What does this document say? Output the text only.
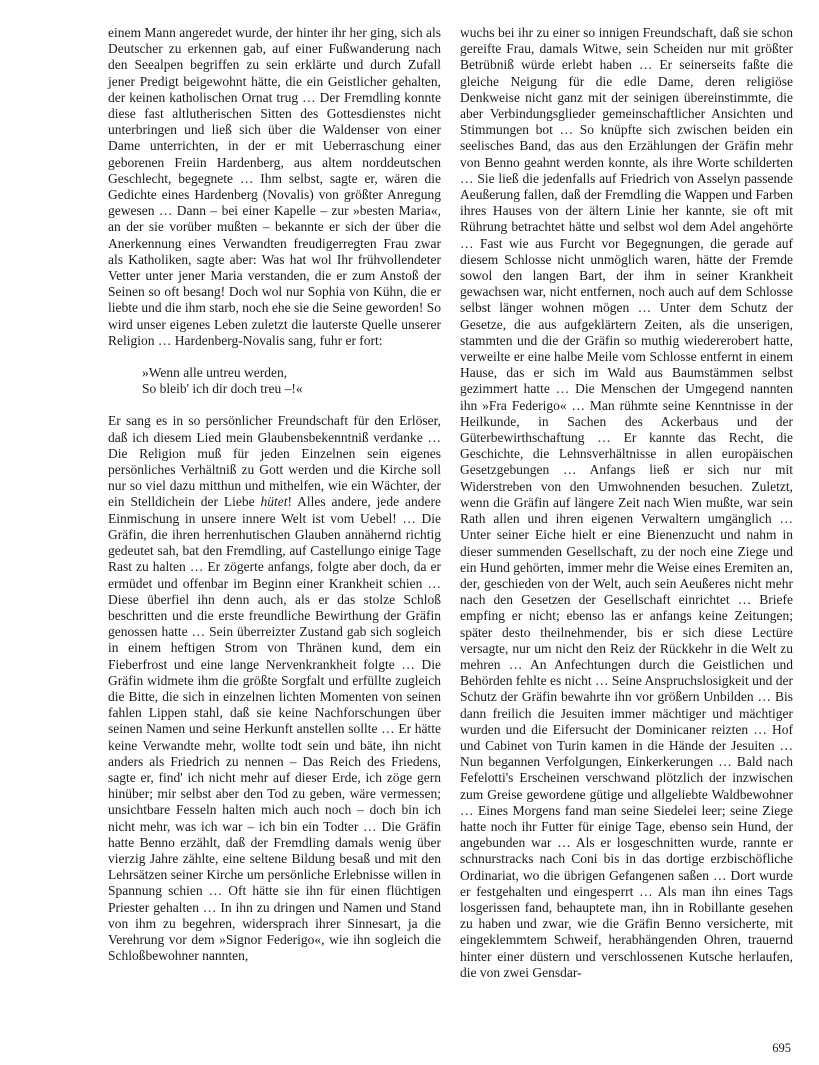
einem Mann angeredet wurde, der hinter ihr her ging, sich als Deutscher zu erkennen gab, auf einer Fußwanderung nach den Seealpen begriffen zu sein erklärte und durch Zufall jener Predigt beigewohnt hätte, die ein Geistlicher gehalten, der keinen katholischen Ornat trug … Der Fremdling konnte diese fast altlutherischen Sitten des Gottesdienstes nicht unterbringen und ließ sich über die Waldenser von einer Dame unterrichten, in der er mit Ueberraschung einer geborenen Freiin Hardenberg, aus altem norddeutschen Geschlecht, begegnete … Ihm selbst, sagte er, wären die Gedichte eines Hardenberg (Novalis) von größter Anregung gewesen … Dann – bei einer Kapelle – zur »besten Maria«, an der sie vorüber mußten – bekannte er sich der über die Anerkennung eines Verwandten freudigerregten Frau zwar als Katholiken, sagte aber: Was hat wol Ihr frühvollendeter Vetter unter jener Maria verstanden, die er zum Anstoß der Seinen so oft besang! Doch wol nur Sophia von Kühn, die er liebte und die ihm starb, noch ehe sie die Seine geworden! So wird unser eigenes Leben zuletzt die lauterste Quelle unserer Religion … Hardenberg-Novalis sang, fuhr er fort:

»Wenn alle untreu werden,
So bleib' ich dir doch treu –!«

Er sang es in so persönlicher Freundschaft für den Erlöser, daß ich diesem Lied mein Glaubensbekenntniß verdanke … Die Religion muß für jeden Einzelnen sein eigenes persönliches Verhältniß zu Gott werden und die Kirche soll nur so viel dazu mitthun und mithelfen, wie ein Wächter, der ein Stelldichein der Liebe hütet! Alles andere, jede andere Einmischung in unsere innere Welt ist vom Uebel! … Die Gräfin, die ihren herrenhutischen Glauben annähernd richtig gedeutet sah, bat den Fremdling, auf Castellungo einige Tage Rast zu halten … Er zögerte anfangs, folgte aber doch, da er ermüdet und offenbar im Beginn einer Krankheit schien … Diese überfiel ihn denn auch, als er das stolze Schloß beschritten und die erste freundliche Bewirthung der Gräfin genossen hatte … Sein überreizter Zustand gab sich sogleich in einem heftigen Strom von Thränen kund, dem ein Fieberfrost und eine lange Nervenkrankheit folgte … Die Gräfin widmete ihm die größte Sorgfalt und erfüllte zugleich die Bitte, die sich in einzelnen lichten Momenten von seinen fahlen Lippen stahl, daß sie keine Nachforschungen über seinen Namen und seine Herkunft anstellen sollte … Er hätte keine Verwandte mehr, wollte todt sein und bäte, ihn nicht anders als Friedrich zu nennen – Das Reich des Friedens, sagte er, find' ich nicht mehr auf dieser Erde, ich zöge gern hinüber; mir selbst aber den Tod zu geben, wäre vermessen; unsichtbare Fesseln halten mich auch noch – doch bin ich nicht mehr, was ich war – ich bin ein Todter … Die Gräfin hatte Benno erzählt, daß der Fremdling damals wenig über vierzig Jahre zählte, eine seltene Bildung besaß und mit den Lehrsätzen seiner Kirche um persönliche Erlebnisse willen in Spannung schien … Oft hätte sie ihn für einen flüchtigen Priester gehalten … In ihn zu dringen und Namen und Stand von ihm zu begehren, widersprach ihrer Sinnesart, ja die Verehrung vor dem »Signor Federigo«, wie ihn sogleich die Schloßbewohner nannten,

wuchs bei ihr zu einer so innigen Freundschaft, daß sie schon gereifte Frau, damals Witwe, sein Scheiden nur mit größter Betrübniß würde erlebt haben … Er seinerseits faßte die gleiche Neigung für die edle Dame, deren religiöse Denkweise nicht ganz mit der seinigen übereinstimmte, die aber Verbindungsglieder gemeinschaftlicher Ansichten und Stimmungen bot … So knüpfte sich zwischen beiden ein seelisches Band, das aus den Erzählungen der Gräfin mehr von Benno geahnt werden konnte, als ihre Worte schilderten … Sie ließ die jedenfalls auf Friedrich von Asselyn passende Aeußerung fallen, daß der Fremdling die Wappen und Farben ihres Hauses von der ältern Linie her kannte, sie oft mit Rührung betrachtet hätte und selbst wol dem Adel angehörte … Fast wie aus Furcht vor Begegnungen, die gerade auf diesem Schlosse nicht unmöglich waren, hätte der Fremde sowol den langen Bart, der ihm in seiner Krankheit gewachsen war, nicht entfernen, noch auch auf dem Schlosse selbst länger wohnen mögen … Unter dem Schutz der Gesetze, die aus aufgeklärtern Zeiten, als die unserigen, stammten und die der Gräfin so muthig wiedererobert hatte, verweilte er eine halbe Meile vom Schlosse entfernt in einem Hause, das er sich im Wald aus Baumstämmen selbst gezimmert hatte … Die Menschen der Umgegend nannten ihn »Fra Federigo« … Man rühmte seine Kenntnisse in der Heilkunde, in Sachen des Ackerbaus und der Güterbewirthschaftung … Er kannte das Recht, die Geschichte, die Lehnsverhältnisse in allen europäischen Gesetzgebungen … Anfangs ließ er sich nur mit Widerstreben von den Umwohnenden besuchen. Zuletzt, wenn die Gräfin auf längere Zeit nach Wien mußte, war sein Rath allen und ihren eigenen Verwaltern umgänglich … Unter seiner Eiche hielt er eine Bienenzucht und nahm in dieser summenden Gesellschaft, zu der noch eine Ziege und ein Hund gehörten, immer mehr die Weise eines Eremiten an, der, geschieden von der Welt, auch sein Aeußeres nicht mehr nach den Gesetzen der Gesellschaft einrichtet … Briefe empfing er nicht; ebenso las er anfangs keine Zeitungen; später desto theilnehmender, bis er sich diese Lectüre versagte, nur um nicht den Reiz der Rückkehr in die Welt zu mehren … An Anfechtungen durch die Geistlichen und Behörden fehlte es nicht … Seine Anspruchslosigkeit und der Schutz der Gräfin bewahrte ihn vor größern Unbilden … Bis dann freilich die Jesuiten immer mächtiger und mächtiger wurden und die Eifersucht der Dominicaner reizten … Hof und Cabinet von Turin kamen in die Hände der Jesuiten … Nun begannen Verfolgungen, Einkerkerungen … Bald nach Fefelotti's Erscheinen verschwand plötzlich der inzwischen zum Greise gewordene gütige und allgeliebte Waldbewohner … Eines Morgens fand man seine Siedelei leer; seine Ziege hatte noch ihr Futter für einige Tage, ebenso sein Hund, der angebunden war … Als er losgeschnitten wurde, rannte er schnurstracks nach Coni bis in das dortige erzbischöfliche Ordinariat, wo die übrigen Gefangenen saßen … Dort wurde er festgehalten und eingesperrt … Als man ihn eines Tags losgerissen fand, behauptete man, ihn in Robillante gesehen zu haben und zwar, wie die Gräfin Benno versicherte, mit eingeklemmtem Schweif, herabhängenden Ohren, trauernd hinter einer düstern und verschlossenen Kutsche herlaufen, die von zwei Gensdar-

695
